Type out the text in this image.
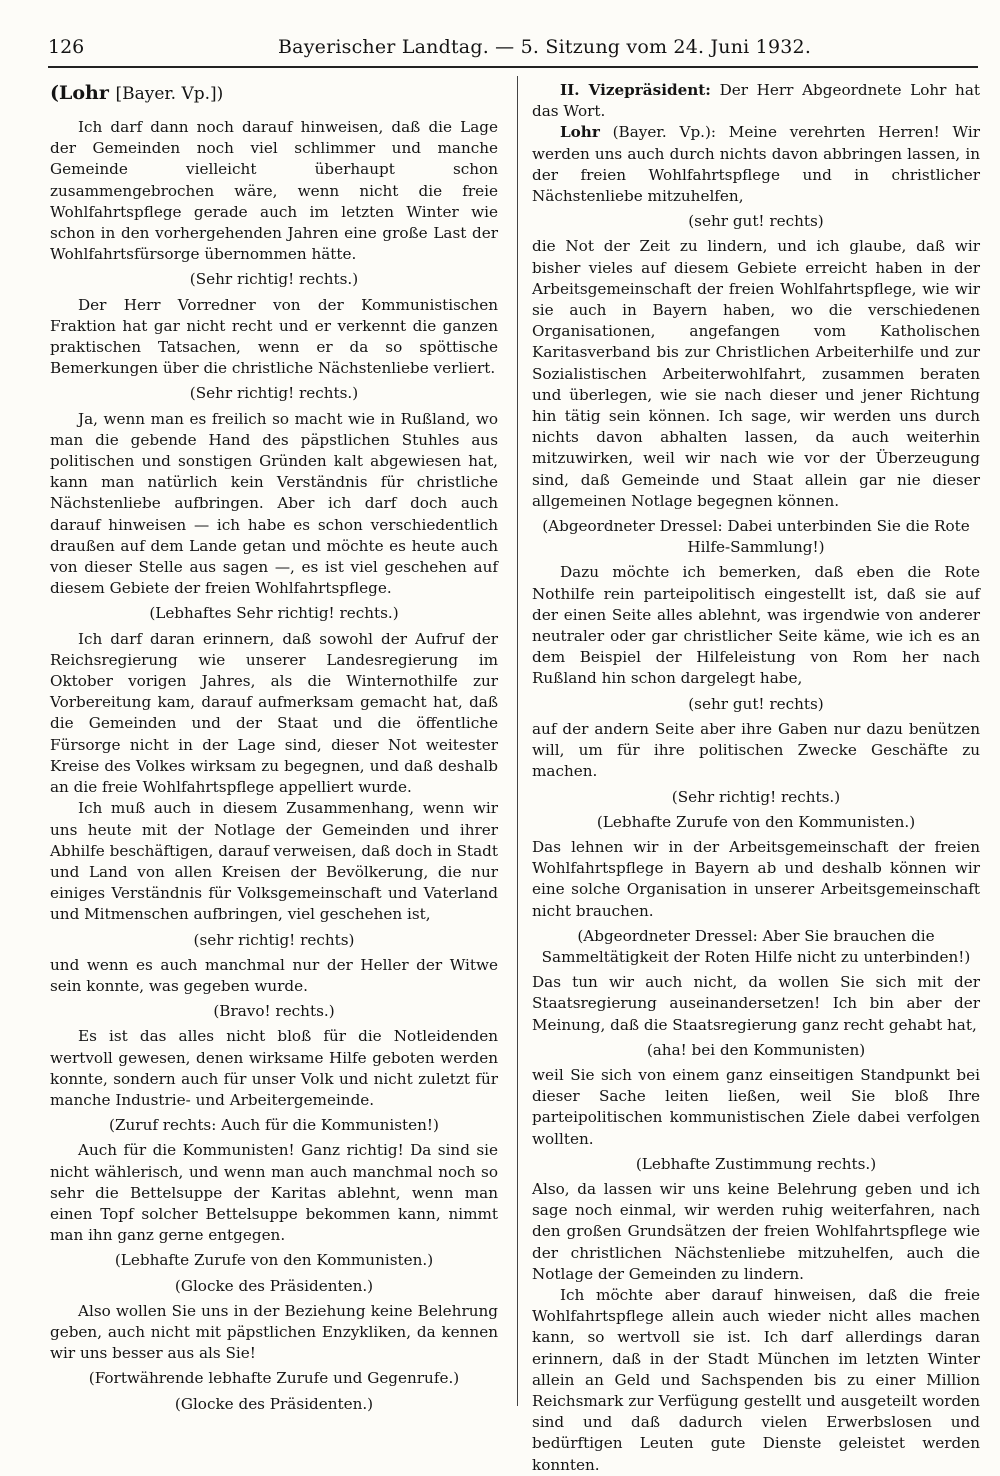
126	Bayerischer Landtag. — 5. Sitzung vom 24. Juni 1932.
(Lohr [Bayer. Vp.])

Ich darf dann noch darauf hinweisen, daß die Lage der Gemeinden noch viel schlimmer und manche Gemeinde vielleicht überhaupt schon zusammengebrochen wäre, wenn nicht die freie Wohlfahrtspflege gerade auch im letzten Winter wie schon in den vorhergehenden Jahren eine große Last der Wohlfahrtsfürsorge übernommen hätte.

(Sehr richtig! rechts.)

Der Herr Vorredner von der Kommunistischen Fraktion hat gar nicht recht und er verkennt die ganzen praktischen Tatsachen, wenn er da so spöttische Bemerkungen über die christliche Nächstenliebe verliert.

(Sehr richtig! rechts.)

Ja, wenn man es freilich so macht wie in Rußland, wo man die gebende Hand des päpstlichen Stuhles aus politischen und sonstigen Gründen kalt abgewiesen hat, kann man natürlich kein Verständnis für christliche Nächstenliebe aufbringen. Aber ich darf doch auch darauf hinweisen — ich habe es schon verschiedentlich draußen auf dem Lande getan und möchte es heute auch von dieser Stelle aus sagen —, es ist viel geschehen auf diesem Gebiete der freien Wohlfahrtspflege.

(Lebhaftes Sehr richtig! rechts.)

Ich darf daran erinnern, daß sowohl der Aufruf der Reichsregierung wie unserer Landesregierung im Oktober vorigen Jahres, als die Winternothilfe zur Vorbereitung kam, darauf aufmerksam gemacht hat, daß die Gemeinden und der Staat und die öffentliche Fürsorge nicht in der Lage sind, dieser Not weitester Kreise des Volkes wirksam zu begegnen, und daß deshalb an die freie Wohlfahrtspflege appelliert wurde.

Ich muß auch in diesem Zusammenhang, wenn wir uns heute mit der Notlage der Gemeinden und ihrer Abhilfe beschäftigen, darauf verweisen, daß doch in Stadt und Land von allen Kreisen der Bevölkerung, die nur einiges Verständnis für Volksgemeinschaft und Vaterland und Mitmenschen aufbringen, viel geschehen ist,

(sehr richtig! rechts)

und wenn es auch manchmal nur der Heller der Witwe sein konnte, was gegeben wurde.

(Bravo! rechts.)

Es ist das alles nicht bloß für die Notleidenden wertvoll gewesen, denen wirksame Hilfe geboten werden konnte, sondern auch für unser Volk und nicht zuletzt für manche Industrie- und Arbeitergemeinde.

(Zuruf rechts: Auch für die Kommunisten!)

Auch für die Kommunisten! Ganz richtig! Da sind sie nicht wählerisch, und wenn man auch manchmal noch so sehr die Bettelsuppe der Karitas ablehnt, wenn man einen Topf solcher Bettelsuppe bekommen kann, nimmt man ihn ganz gerne entgegen.

(Lebhafte Zurufe von den Kommunisten.)

(Glocke des Präsidenten.)

Also wollen Sie uns in der Beziehung keine Belehrung geben, auch nicht mit päpstlichen Enzykliken, da kennen wir uns besser aus als Sie!

(Fortwährende lebhafte Zurufe und Gegenrufe.)

(Glocke des Präsidenten.)

II. Vizepräsident: Der Herr Abgeordnete Lohr hat das Wort.

Lohr (Bayer. Vp.): Meine verehrten Herren! Wir werden uns auch durch nichts davon abbringen lassen, in der freien Wohlfahrtspflege und in christlicher Nächstenliebe mitzuhelfen,

(sehr gut! rechts)

die Not der Zeit zu lindern, und ich glaube, daß wir bisher vieles auf diesem Gebiete erreicht haben in der Arbeitsgemeinschaft der freien Wohlfahrtspflege, wie wir sie auch in Bayern haben, wo die verschiedenen Organisationen, angefangen vom Katholischen Karitasverband bis zur Christlichen Arbeiterhilfe und zur Sozialistischen Arbeiterwohlfahrt, zusammen beraten und überlegen, wie sie nach dieser und jener Richtung hin tätig sein können. Ich sage, wir werden uns durch nichts davon abhalten lassen, da auch weiterhin mitzuwirken, weil wir nach wie vor der Überzeugung sind, daß Gemeinde und Staat allein gar nie dieser allgemeinen Notlage begegnen können.

(Abgeordneter Dressel: Dabei unterbinden Sie die Rote Hilfe-Sammlung!)

Dazu möchte ich bemerken, daß eben die Rote Nothilfe rein parteipolitisch eingestellt ist, daß sie auf der einen Seite alles ablehnt, was irgendwie von anderer neutraler oder gar christlicher Seite käme, wie ich es an dem Beispiel der Hilfeleistung von Rom her nach Rußland hin schon dargelegt habe,

(sehr gut! rechts)

auf der andern Seite aber ihre Gaben nur dazu benützen will, um für ihre politischen Zwecke Geschäfte zu machen.

(Sehr richtig! rechts.)

(Lebhafte Zurufe von den Kommunisten.)

Das lehnen wir in der Arbeitsgemeinschaft der freien Wohlfahrtspflege in Bayern ab und deshalb können wir eine solche Organisation in unserer Arbeitsgemeinschaft nicht brauchen.

(Abgeordneter Dressel: Aber Sie brauchen die Sammeltätigkeit der Roten Hilfe nicht zu unterbinden!)

Das tun wir auch nicht, da wollen Sie sich mit der Staatsregierung auseinandersetzen! Ich bin aber der Meinung, daß die Staatsregierung ganz recht gehabt hat,

(aha! bei den Kommunisten)

weil Sie sich von einem ganz einseitigen Standpunkt bei dieser Sache leiten ließen, weil Sie bloß Ihre parteipolitischen kommunistischen Ziele dabei verfolgen wollten.

(Lebhafte Zustimmung rechts.)

Also, da lassen wir uns keine Belehrung geben und ich sage noch einmal, wir werden ruhig weiterfahren, nach den großen Grundsätzen der freien Wohlfahrtspflege wie der christlichen Nächstenliebe mitzuhelfen, auch die Notlage der Gemeinden zu lindern.

Ich möchte aber darauf hinweisen, daß die freie Wohlfahrtspflege allein auch wieder nicht alles machen kann, so wertvoll sie ist. Ich darf allerdings daran erinnern, daß in der Stadt München im letzten Winter allein an Geld und Sachspenden bis zu einer Million Reichsmark zur Verfügung gestellt und ausgeteilt worden sind und daß dadurch vielen Erwerbslosen und bedürftigen Leuten gute Dienste geleistet werden konnten.
